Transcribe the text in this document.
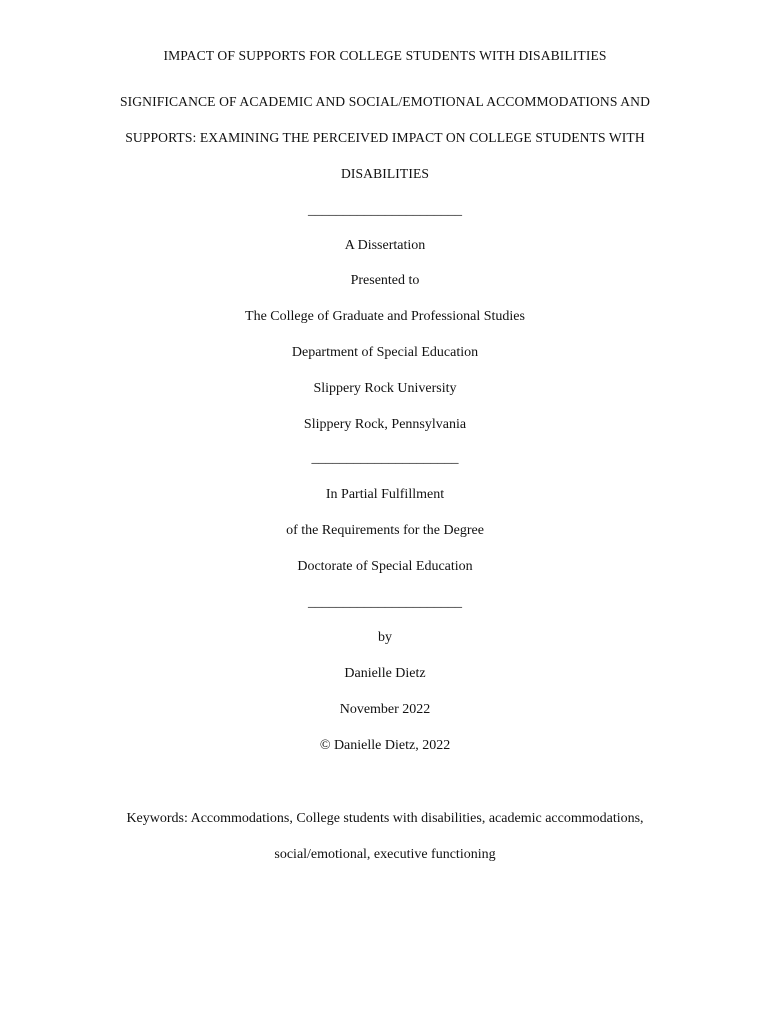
IMPACT OF SUPPORTS FOR COLLEGE STUDENTS WITH DISABILITIES
SIGNIFICANCE OF ACADEMIC AND SOCIAL/EMOTIONAL ACCOMMODATIONS AND
SUPPORTS: EXAMINING THE PERCEIVED IMPACT ON COLLEGE STUDENTS WITH
DISABILITIES
______________________
A Dissertation
Presented to
The College of Graduate and Professional Studies
Department of Special Education
Slippery Rock University
Slippery Rock, Pennsylvania
_____________________
In Partial Fulfillment
of the Requirements for the Degree
Doctorate of Special Education
______________________
by
Danielle Dietz
November 2022
© Danielle Dietz, 2022
Keywords: Accommodations, College students with disabilities, academic accommodations,
social/emotional, executive functioning
